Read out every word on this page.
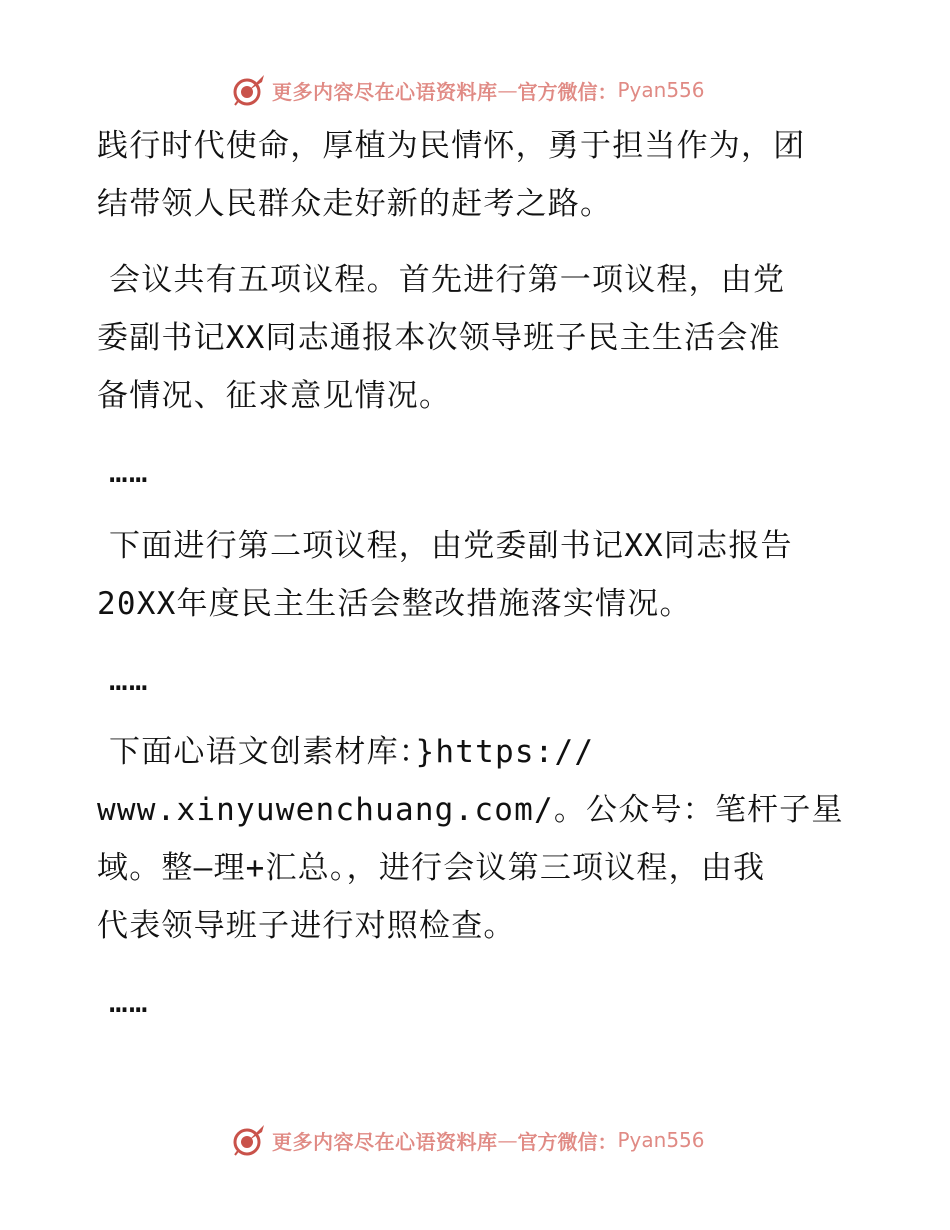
更多内容尽在心语资料库 — 官方微信： Pyan556
践行时代使命，厚植为民情怀，勇于担当作为，团
结带领人民群众走好新的赶考之路。
会议共有五项议程。首先进行第一项议程，由党
委副书记XX同志通报本次领导班子民主生活会准
备情况、征求意见情况。
……
下面进行第二项议程，由党委副书记XX同志报告
20XX年度民主生活会整改措施落实情况。
……
下面心语文创素材库：}https://
www.xinyuwenchuang.com/。公众号：笔杆子星
域。整—理+汇总。，进行会议第三项议程，由我
代表领导班子进行对照检查。
……
更多内容尽在心语资料库 — 官方微信： Pyan556
